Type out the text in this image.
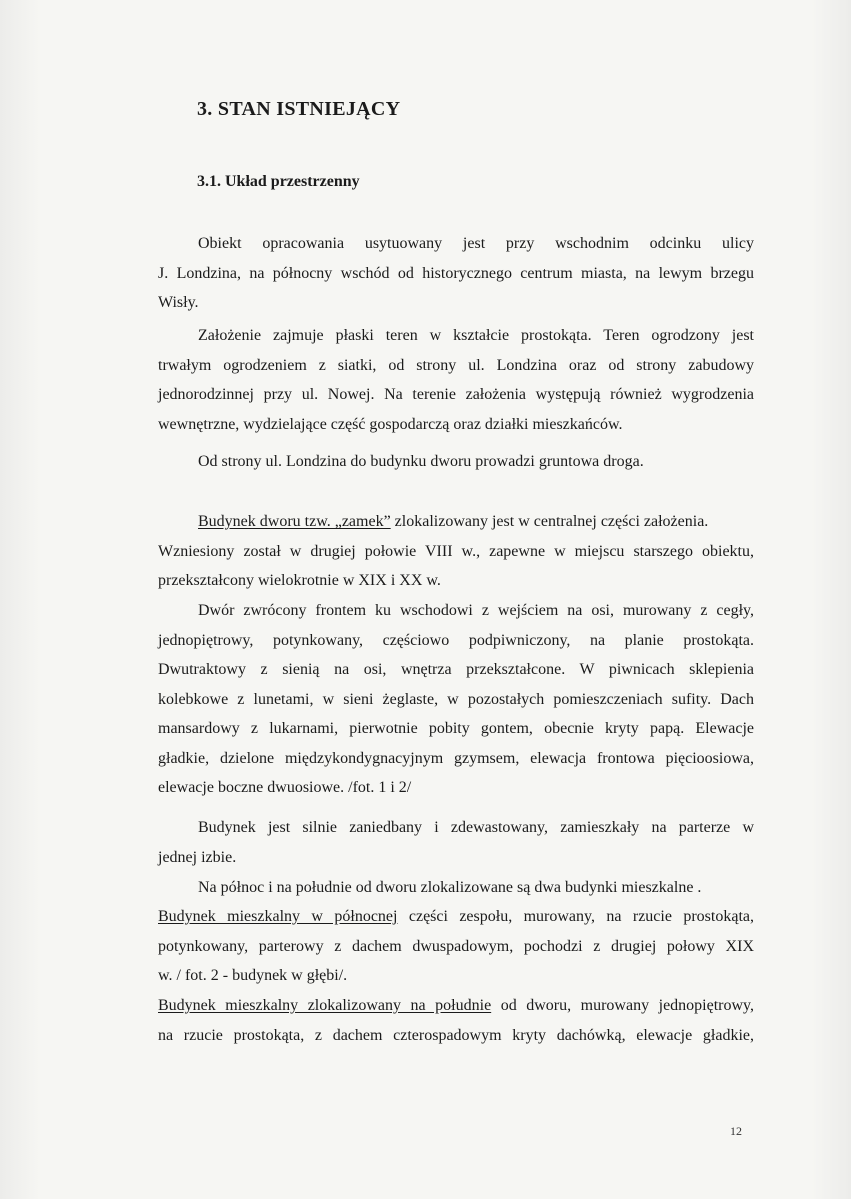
3. STAN ISTNIEJĄCY
3.1. Układ przestrzenny
Obiekt opracowania usytuowany jest przy wschodnim odcinku ulicy
J. Londzina, na północny wschód od historycznego centrum miasta, na lewym brzegu
Wisły.
Założenie zajmuje płaski teren w kształcie prostokąta. Teren ogrodzony jest
trwałym ogrodzeniem z siatki, od strony ul. Londzina oraz od strony zabudowy
jednorodzinnej przy ul. Nowej. Na terenie założenia występują również wygrodzenia
wewnętrzne, wydzielające część gospodarczą oraz działki mieszkańców.
Od strony ul. Londzina do budynku dworu prowadzi gruntowa droga.
Budynek dworu tzw. „zamek” zlokalizowany jest w centralnej części założenia.
Wzniesiony został w drugiej połowie VIII w., zapewne w miejscu starszego obiektu,
przekształcony wielokrotnie w XIX i XX w.
Dwór zwrócony frontem ku wschodowi z wejściem na osi, murowany z cegły,
jednopiętrowy, potynkowany, częściowo podpiwniczony, na planie prostokąta.
Dwutraktowy z sienią na osi, wnętrza przekształcone. W piwnicach sklepienia
kolebkowe z lunetami, w sieni żeglaste, w pozostałych pomieszczeniach sufity. Dach
mansardowy z lukarnami, pierwotnie pobity gontem, obecnie kryty papą. Elewacje
gładkie, dzielone międzykondygnacyjnym gzymsem, elewacja frontowa pięcioosiowa,
elewacje boczne dwuosiowe. /fot. 1 i 2/
Budynek jest silnie zaniedbany i zdewastowany, zamieszkały na parterze w
jednej izbie.
Na północ i na południe od dworu zlokalizowane są dwa budynki mieszkalne .
Budynek mieszkalny w północnej części zespołu, murowany, na rzucie prostokąta,
potynkowany, parterowy z dachem dwuspadowym, pochodzi z drugiej połowy XIX
w. / fot. 2 - budynek w głębi/.
Budynek mieszkalny zlokalizowany na południe od dworu, murowany jednopiętrowy,
na rzucie prostokąta, z dachem czterospadowym kryty dachówką, elewacje gładkie,
12
